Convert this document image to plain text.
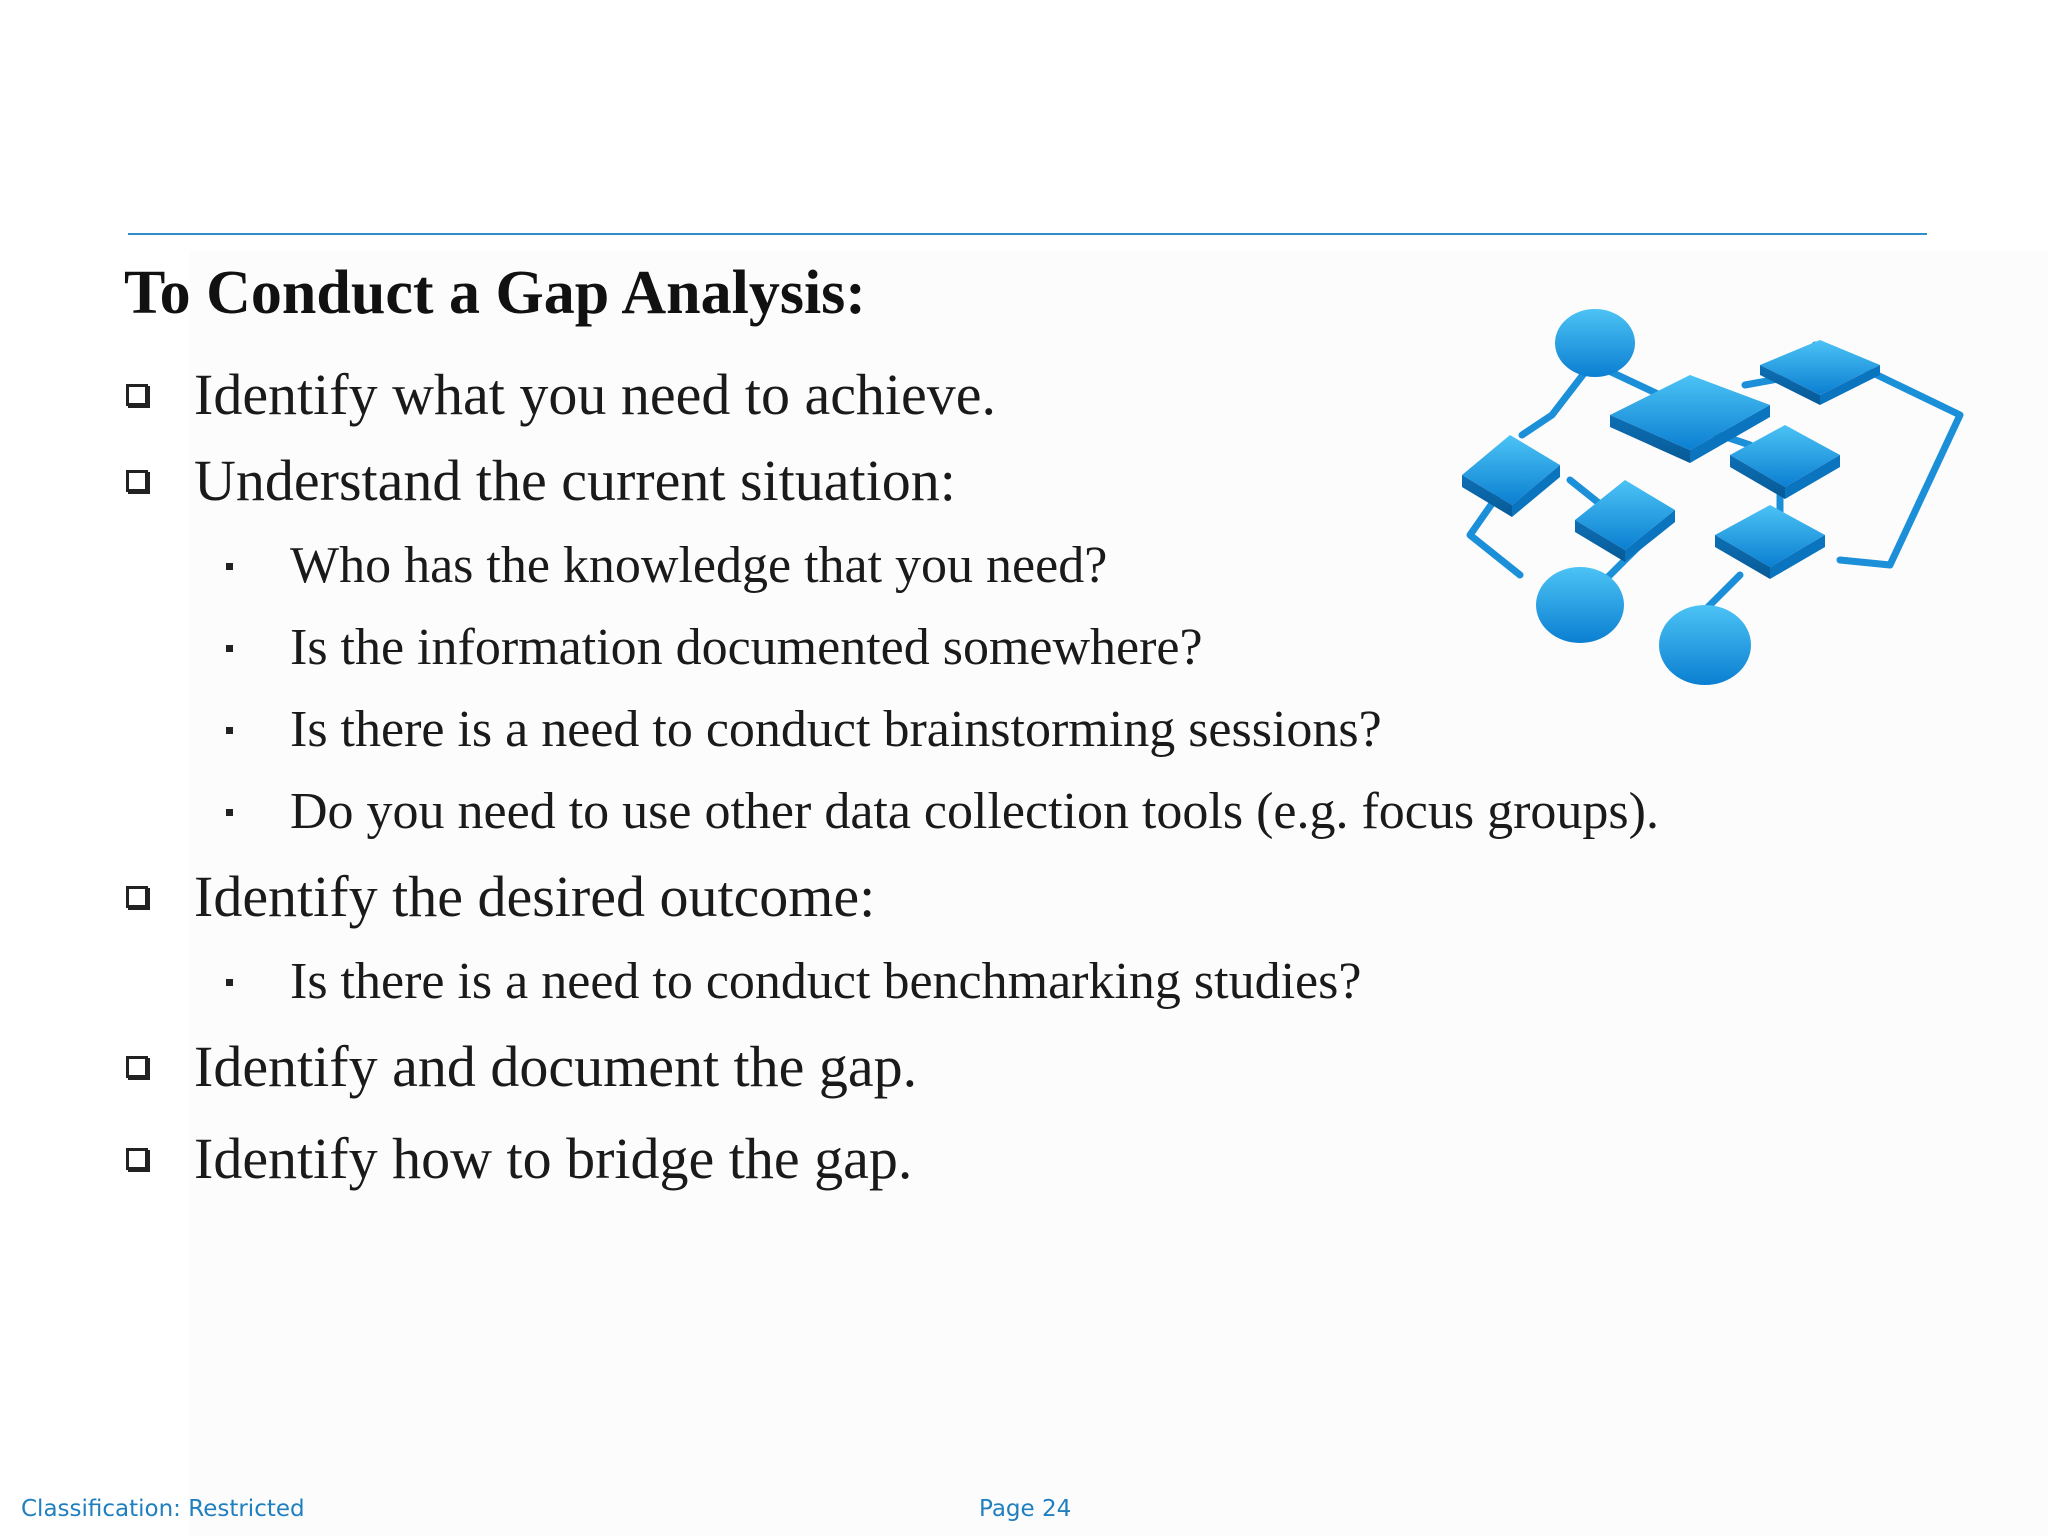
To Conduct a Gap Analysis:
Identify what you need to achieve.
Understand the current situation:
Who has the knowledge that you need?
Is the information documented somewhere?
Is there is a need to conduct brainstorming sessions?
Do you need to use other data collection tools (e.g. focus groups).
Identify the desired outcome:
Is there is a need to conduct benchmarking studies?
Identify and document the gap.
Identify how to bridge the gap.
Classification: Restricted	Page 24
